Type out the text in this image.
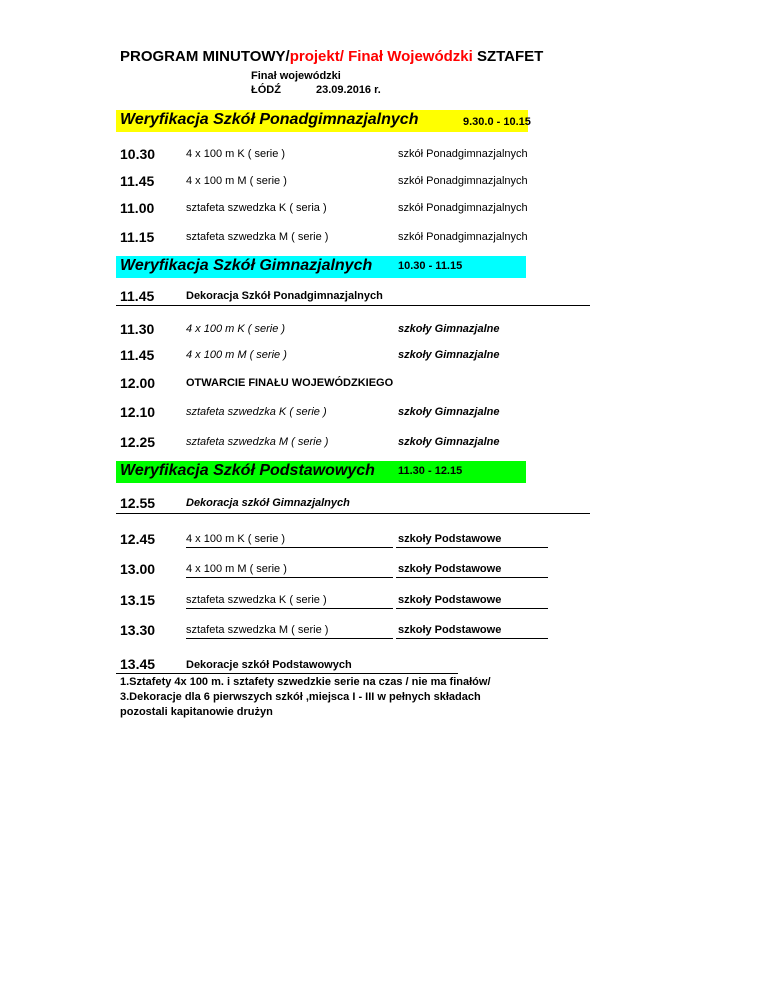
PROGRAM MINUTOWY/projekt/ Finał Wojewódzki SZTAFET
Finał wojewódzki
ŁÓDŹ	23.09.2016 r.
Weryfikacja Szkół Ponadgimnazjalnych	9.30.0 - 10.15
10.30	4 x 100 m K ( serie )	szkół Ponadgimnazjalnych
11.45	4 x 100 m M ( serie )	szkół Ponadgimnazjalnych
11.00	sztafeta szwedzka K ( seria )	szkół Ponadgimnazjalnych
11.15	sztafeta szwedzka M ( serie )	szkół Ponadgimnazjalnych
Weryfikacja Szkół Gimnazjalnych 10.30 - 11.15
11.45	Dekoracja Szkół Ponadgimnazjalnych
11.30	4 x 100 m K ( serie )	szkoły Gimnazjalne
11.45	4 x 100 m M ( serie )	szkoły Gimnazjalne
12.00	OTWARCIE FINAŁU WOJEWÓDZKIEGO
12.10	sztafeta szwedzka K ( serie )	szkoły Gimnazjalne
12.25	sztafeta szwedzka M ( serie )	szkoły Gimnazjalne
Weryfikacja Szkół Podstawowych 11.30 - 12.15
12.55	Dekoracja szkół Gimnazjalnych
12.45	4 x 100 m K ( serie )	szkoły Podstawowe
13.00	4 x 100 m M ( serie )	szkoły Podstawowe
13.15	sztafeta szwedzka K ( serie )	szkoły Podstawowe
13.30	sztafeta szwedzka M ( serie )	szkoły Podstawowe
13.45	Dekoracje szkół Podstawowych
1.Sztafety 4x 100 m. i sztafety szwedzkie serie na czas / nie ma finałów/
3.Dekoracje dla 6 pierwszych szkół ,miejsca I - III w pełnych składach
pozostali kapitanowie drużyn
